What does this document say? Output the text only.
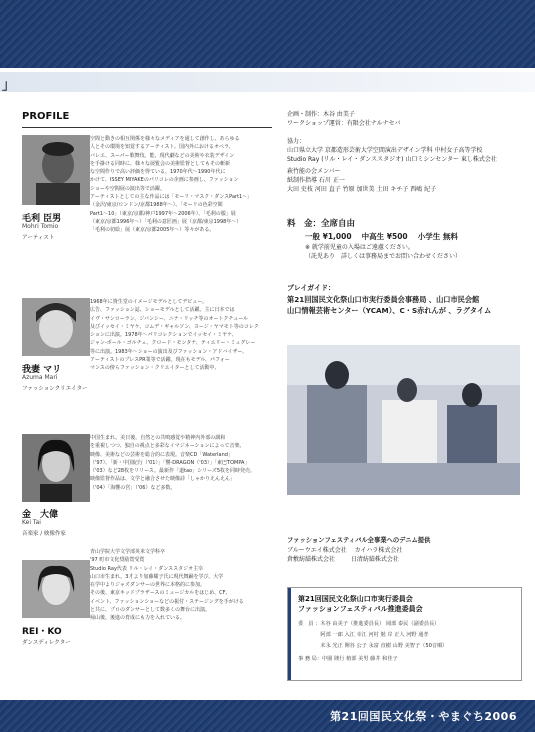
」
PROFILE
毛利 臣男
Mohri Tomio
アーティスト
空間と動きの相互関係を様々なメディアを通して創作し、あらゆる
人とその環境を知覚するアーティスト。国内外におけるオペラ、
バレエ、スーパー歌舞伎、能、現代劇などの美術や衣装デザイン
を手掛ける同時に、様々な展覧会の美術監督としてもその斬新
な空間作りで高い評価を得ている。1970年代〜1990年代に
かけて、ISSEY MIYAKEのパリコレの企画に参画し、ファッション
ショーや空間展の演出等で活躍。
アーティストとしての主な作品には「モーリ・マスク・ダンスPart1〜」
（金沢/東京/ロンドン/京都1988年〜）、「モーリの色彩空間
Part1〜10」（東京/京都/神戸1997年〜2006年）、「毛利の服」展
（東京/京都1996年〜）「毛利の意匠画」展（京都/東京1998年〜）
「毛利の切絵」展（東京/京都2005年〜）等々がある。
我妻 マリ
Azuma Mari
ファッションクリエイター
1968年に資生堂のイメージモデルとしてデビュー。
広告、ファッション誌、ショーモデルとして活躍。主に日本では
イヴ・サンローラン、ジバンシー、ニナ・リッチ等のオートクチュール
及びイッセイ・ミヤケ、コムデ・ギャルソン、ヨージ・ヤマモト等のコレク
ションに出演。1978年〜パリコレクションでイッセイ・ミヤケ、
ジャン-ポール・ゴルチェ、クロード・モンタナ、ティエリー・ミュグレー
等に出演。1983年〜ショーの演出及びファッション・アドバイザー、
アーティストのプレスPR業等で活躍。現在もモデル、パフォー
マンスの傍らファッション・クリエイターとして活動中。
金　大偉
Kei Tai
音楽家 / 映像作家
中国生まれ。美日後、自然との共鳴感覚や精神内外部の調和
を重視しつつ、独自の視点と多彩なイマジネーションによって音楽、
映像、美術などの芸術を総合的に表現。音楽CD「Waterland」
（'97）、「新・中国紀行（'01）」「響-DRAGON（'03）」「東巴TOMPA」
（'03）など28枚をリリース。最新作「道tao」シリーズ5枚を同時発売。
映像監督作品は、文学と融合させた映像詩「しゃかりえんえん」
（'04）「海響の宮」（'06）など多数。
REI・KO
ダンスディレクター
青山学院大学文学部英米文学科卒
'97 町市文化奨励賞受賞
Studio Ray代表 リル・レイ・ダンススタジオ主宰
山口市生まれ。3才より加藤耀子氏に現代舞踊を学び、大学
在学中よりジャズダンサーの世界に本格的に参加。
その後、東京キッドブラザースのミュージカルをはじめ、CF、
イベント、ファッションショーなどの振付・ステージングを手がける
と共に、プロのダンサーとして数多くの舞台に出演。
帰山後、後進の育成にも力を入れている。
企画・制作：木谷 由美子
ワークショップ運営：有限会社ナルナセバ
協力：
山口県立大学 京都造形芸術大学空間演出デザイン学科 中村女子高等学校
Studio Ray (リル・レイ・ダンススタジオ) 山口ミシンセンター 東し株式会社
萩竹能の会メンバー
紙制作指導 石川 正一
大田 史枝 河田 直子 竹原 加世美 土田 キチ子 西嶋 紀子
料　金：全席自由
一般 ¥1,000　 中高生 ¥500　 小学生 無料
※ 就学前児童の入場はご遠慮ください。
（託児あり　詳しくは事務局までお問い合わせください）
プレイガイド：
第21回国民文化祭山口市実行委員会事務局 、山口市民会館
山口情報芸術センター（YCAM）、C・S赤れんが 、ラグタイム
ファッションフェスティバル全事業へのデニム提供
ブルーウエイ株式会社　 カイハラ株式会社
倉敷紡績株式会社　 　 日清紡績株式会社
第21回国民文化祭山口市実行委員会
ファッションフェスティバル推進委員会
委　員 ：木谷 由美子（推進委員長） 岡部 泰民（副委員長）
　　　　 阿部 一郎 入江 幸江 河村 勉 岸 正人 河野 通孝
　　　　 末永 光正 開谷 公子 永富 直樹 山野 美智子（50音順）
事 務 局：中園 隆行 植部 美男 藤井 和佳子
第21回国民文化祭・やまぐち2006
